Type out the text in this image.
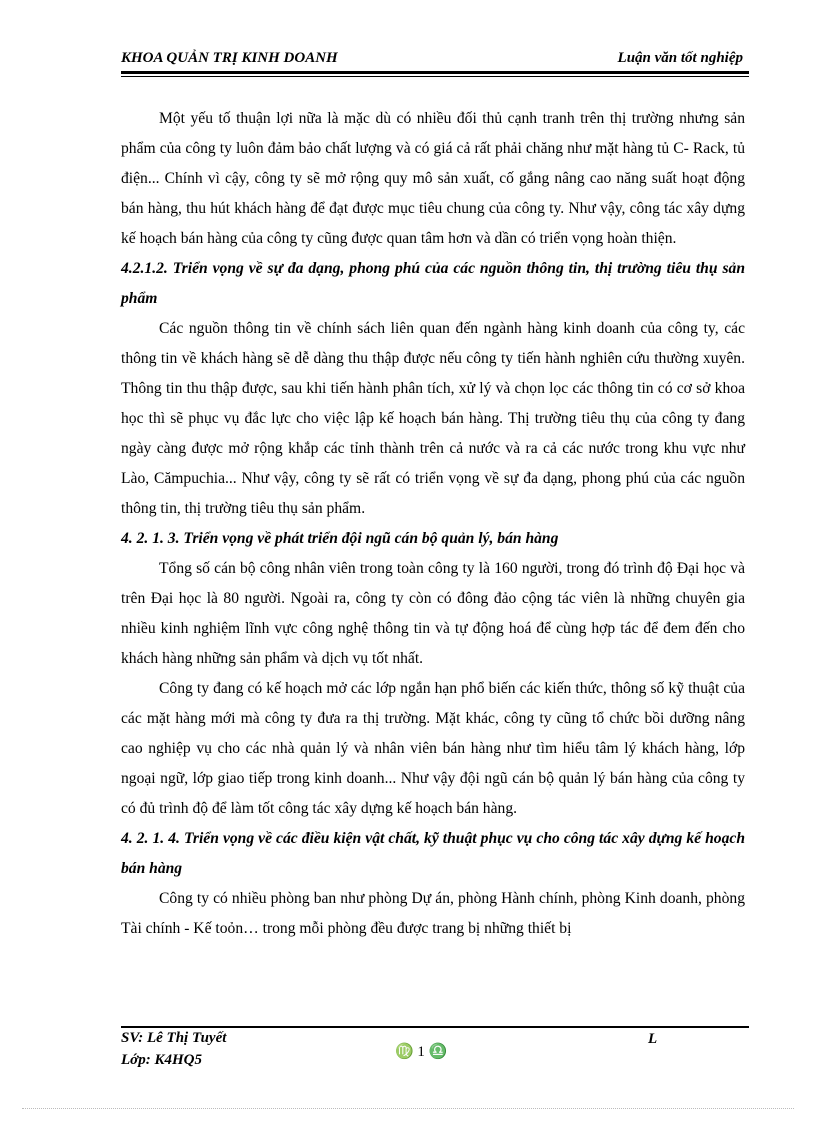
KHOA QUẢN TRỊ KINH DOANH	Luận văn tốt nghiệp

Một yếu tố thuận lợi nữa là mặc dù có nhiều đối thủ cạnh tranh trên thị trường nhưng sản phẩm của công ty luôn đảm bảo chất lượng và có giá cả rất phải chăng như mặt hàng tủ C- Rack, tủ điện... Chính vì cậy, công ty sẽ mở rộng quy mô sản xuất, cố gắng nâng cao năng suất hoạt động bán hàng, thu hút khách hàng để đạt được mục tiêu chung của công ty. Như vậy, công tác xây dựng kế hoạch bán hàng của công ty cũng được quan tâm hơn và dần có triển vọng hoàn thiện.

4.2.1.2. Triển vọng về sự đa dạng, phong phú của các nguồn thông tin, thị trường tiêu thụ sản phẩm

Các nguồn thông tin về chính sách liên quan đến ngành hàng kinh doanh của công ty, các thông tin về khách hàng sẽ dễ dàng thu thập được nếu công ty tiến hành nghiên cứu thường xuyên. Thông tin thu thập được, sau khi tiến hành phân tích, xử lý và chọn lọc các thông tin có cơ sở khoa học thì sẽ phục vụ đắc lực cho việc lập kế hoạch bán hàng. Thị trường tiêu thụ của công ty đang ngày càng được mở rộng khắp các tỉnh thành trên cả nước và ra cả các nước trong khu vực như Lào, Cămpuchia... Như vậy, công ty sẽ rất có triển vọng về sự đa dạng, phong phú của các nguồn thông tin, thị trường tiêu thụ sản phẩm.

4. 2. 1. 3. Triển vọng về phát triển đội ngũ cán bộ quản lý, bán hàng

Tổng số cán bộ công nhân viên trong toàn công ty là 160 người, trong đó trình độ Đại học và trên Đại học là 80 người. Ngoài ra, công ty còn có đông đảo cộng tác viên là những chuyên gia nhiều kinh nghiệm lĩnh vực công nghệ thông tin và tự động hoá để cùng hợp tác để đem đến cho khách hàng những sản phẩm và dịch vụ tốt nhất.

Công ty đang có kế hoạch mở các lớp ngắn hạn phổ biến các kiến thức, thông số kỹ thuật của các mặt hàng mới mà công ty đưa ra thị trường. Mặt khác, công ty cũng tổ chức bồi dưỡng nâng cao nghiệp vụ cho các nhà quản lý và nhân viên bán hàng như tìm hiểu tâm lý khách hàng, lớp ngoại ngữ, lớp giao tiếp trong kinh doanh... Như vậy đội ngũ cán bộ quản lý bán hàng của công ty có đủ trình độ để làm tốt công tác xây dựng kế hoạch bán hàng.

4. 2. 1. 4. Triển vọng về các điều kiện vật chất, kỹ thuật phục vụ cho công tác xây dựng kế hoạch bán hàng

Công ty có nhiều phòng ban như phòng Dự án, phòng Hành chính, phòng Kinh doanh, phòng Tài chính - Kế toỏn… trong mỗi phòng đều được trang bị những thiết bị

SV: Lê Thị Tuyết
Lớp: K4HQ5	♍ 1 ♎
L
